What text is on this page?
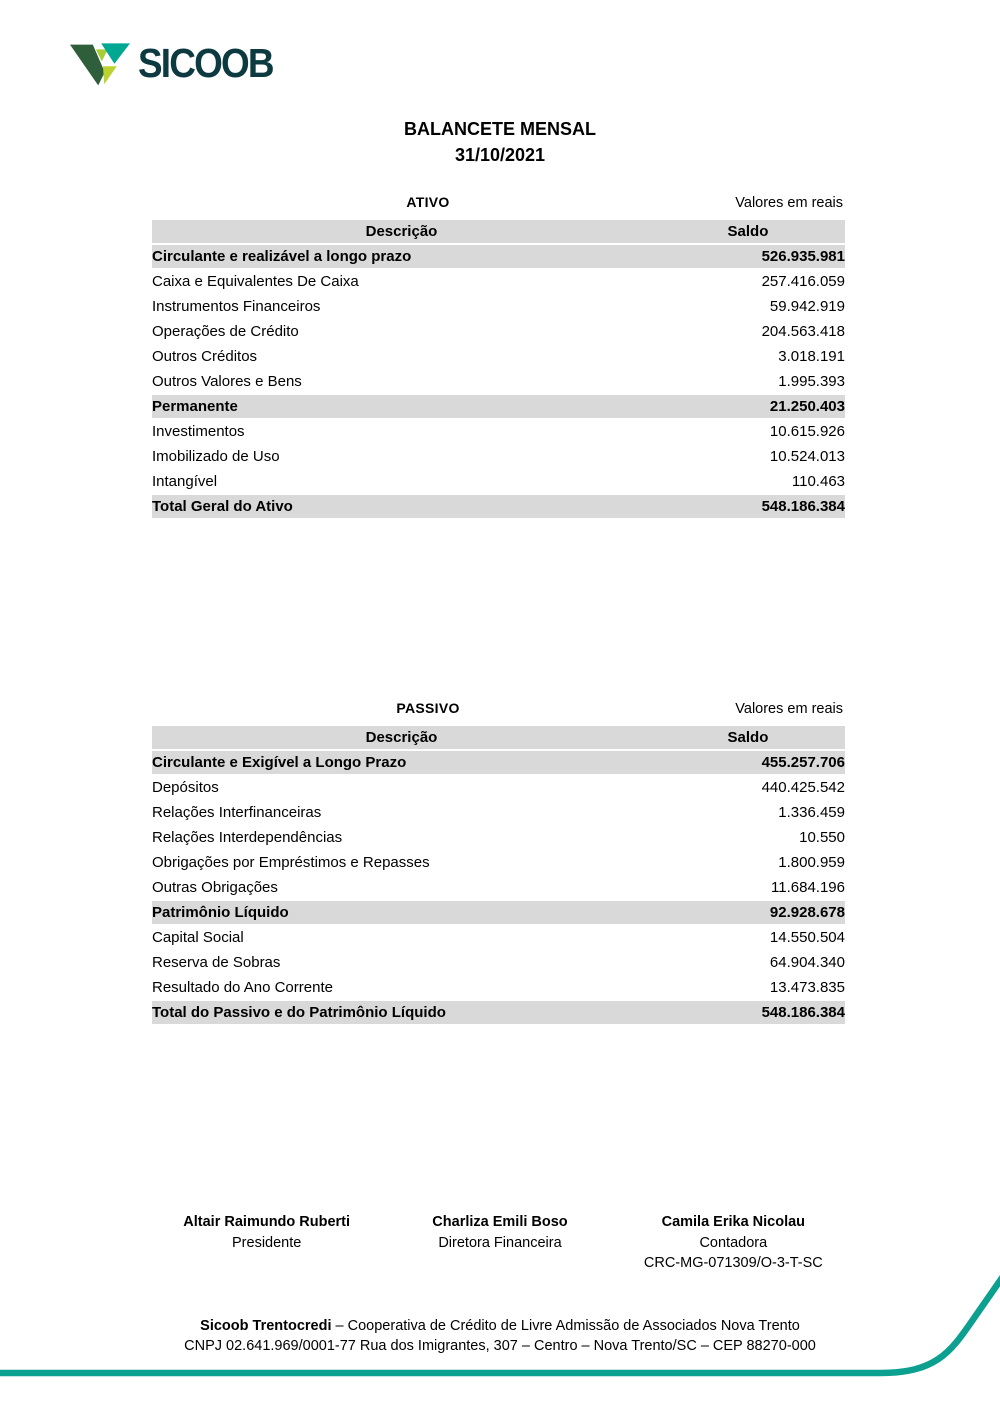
SICOOB
BALANCETE MENSAL
31/10/2021
ATIVO	Valores em reais
Descrição	Saldo
Circulante e realizável a longo prazo	526.935.981
Caixa e Equivalentes De Caixa	257.416.059
Instrumentos Financeiros	59.942.919
Operações de Crédito	204.563.418
Outros Créditos	3.018.191
Outros Valores e Bens	1.995.393
Permanente	21.250.403
Investimentos	10.615.926
Imobilizado de Uso	10.524.013
Intangível	110.463
Total Geral do Ativo	548.186.384
PASSIVO	Valores em reais
Descrição	Saldo
Circulante e Exigível a Longo Prazo	455.257.706
Depósitos	440.425.542
Relações Interfinanceiras	1.336.459
Relações Interdependências	10.550
Obrigações por Empréstimos e Repasses	1.800.959
Outras Obrigações	11.684.196
Patrimônio Líquido	92.928.678
Capital Social	14.550.504
Reserva de Sobras	64.904.340
Resultado do Ano Corrente	13.473.835
Total do Passivo e do Patrimônio Líquido	548.186.384
Altair Raimundo Ruberti
Presidente
Charliza Emili Boso
Diretora Financeira
Camila Erika Nicolau
Contadora
CRC-MG-071309/O-3-T-SC
Sicoob Trentocredi – Cooperativa de Crédito de Livre Admissão de Associados Nova Trento
CNPJ 02.641.969/0001-77 Rua dos Imigrantes, 307 – Centro – Nova Trento/SC – CEP 88270-000
